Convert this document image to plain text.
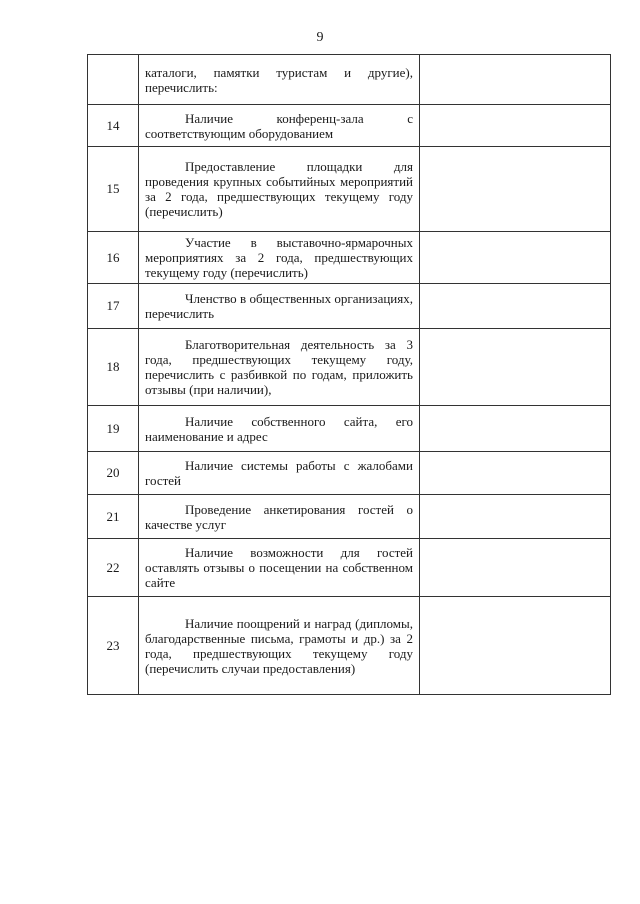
9

	каталоги, памятки туристам и другие), перечислить:	

14	Наличие конференц-зала с соответствующим оборудованием	

15	Предоставление площадки для проведения крупных событийных мероприятий за 2 года, предшествующих текущему году (перечислить)	

16	Участие в выставочно-ярмарочных мероприятиях за 2 года, предшествующих текущему году (перечислить)	

17	Членство в общественных организациях, перечислить	

18	Благотворительная деятельность за 3 года, предшествующих текущему году, перечислить с разбивкой по годам, приложить отзывы (при наличии),	

19	Наличие собственного сайта, его наименование и адрес	

20	Наличие системы работы с жалобами гостей	

21	Проведение анкетирования гостей о качестве услуг	

22	Наличие возможности для гостей оставлять отзывы о посещении на собственном сайте	

23	Наличие поощрений и наград (дипломы, благодарственные письма, грамоты и др.) за 2 года, предшествующих текущему году (перечислить случаи предоставления)	
